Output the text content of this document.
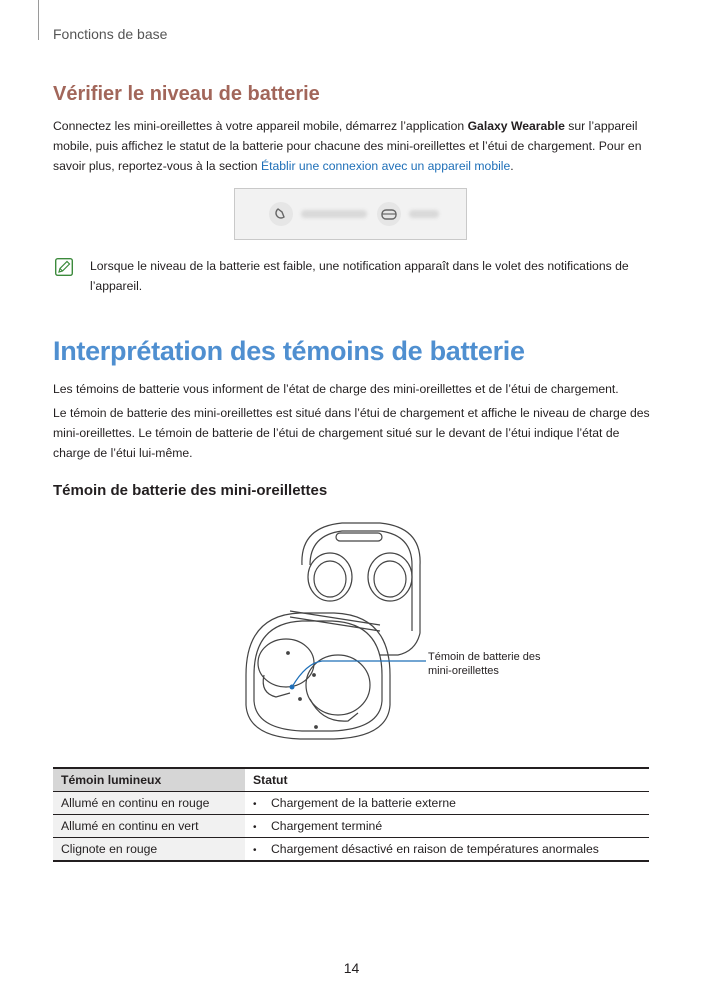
Fonctions de base
Vérifier le niveau de batterie

Connectez les mini-oreillettes à votre appareil mobile, démarrez l’application Galaxy Wearable sur l’appareil mobile, puis affichez le statut de la batterie pour chacune des mini-oreillettes et l’étui de chargement. Pour en savoir plus, reportez-vous à la section Établir une connexion avec un appareil mobile.

Lorsque le niveau de la batterie est faible, une notification apparaît dans le volet des notifications de l’appareil.

Interprétation des témoins de batterie

Les témoins de batterie vous informent de l’état de charge des mini-oreillettes et de l’étui de chargement.

Le témoin de batterie des mini-oreillettes est situé dans l’étui de chargement et affiche le niveau de charge des mini-oreillettes. Le témoin de batterie de l’étui de chargement situé sur le devant de l’étui indique l’état de charge de l’étui lui-même.

Témoin de batterie des mini-oreillettes
Témoin de batterie des
mini-oreillettes
Témoin lumineux	Statut
Allumé en continu en rouge	• Chargement de la batterie externe
Allumé en continu en vert	• Chargement terminé
Clignote en rouge	• Chargement désactivé en raison de températures anormales
14
